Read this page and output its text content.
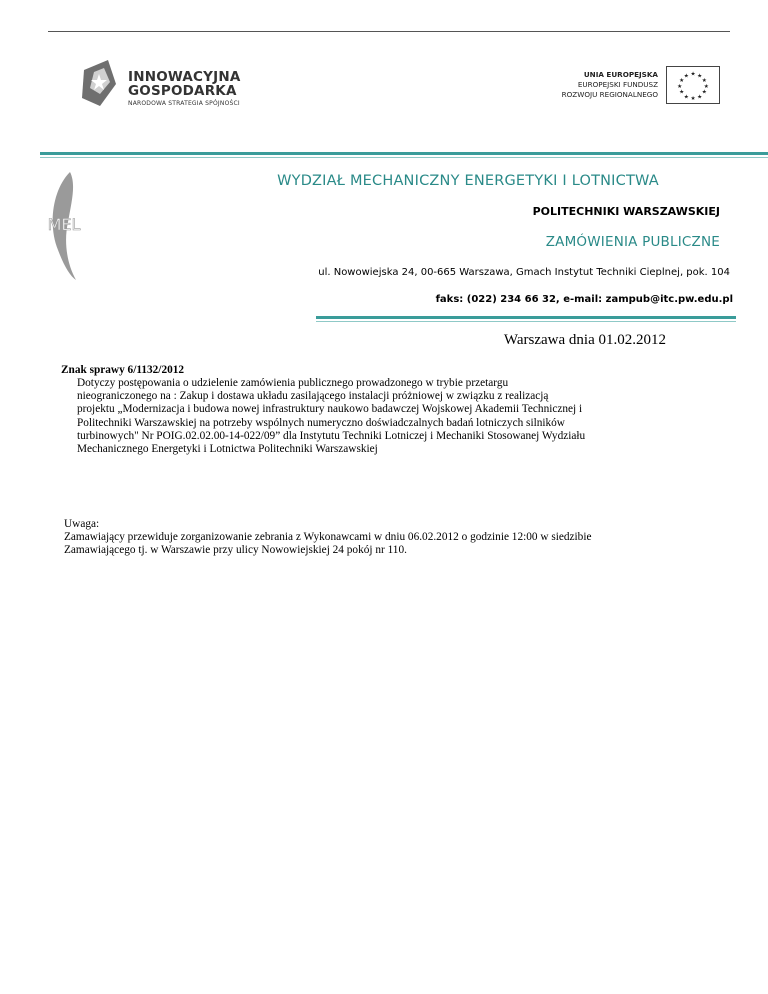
INNOWACYJNA
GOSPODARKA
NARODOWA STRATEGIA SPÓJNOŚCI
UNIA EUROPEJSKA
EUROPEJSKI FUNDUSZ
ROZWOJU REGIONALNEGO
★ ★
★
★
★
★
★
★
★
★
★
★
MEL
WYDZIAŁ MECHANICZNY ENERGETYKI I LOTNICTWA
POLITECHNIKI WARSZAWSKIEJ
ZAMÓWIENIA PUBLICZNE
ul. Nowowiejska 24, 00-665 Warszawa, Gmach Instytut Techniki Cieplnej, pok. 104
faks: (022) 234 66 32, e-mail: zampub@itc.pw.edu.pl
Warszawa dnia 01.02.2012
Znak sprawy 6/1132/2012
Dotyczy postępowania o udzielenie zamówienia publicznego prowadzonego w trybie przetargu
nieograniczonego na : Zakup i dostawa układu zasilającego instalacji próżniowej w związku z realizacją
projektu „Modernizacja i budowa nowej infrastruktury naukowo badawczej Wojskowej Akademii Technicznej i
Politechniki Warszawskiej na potrzeby wspólnych numeryczno doświadczalnych badań lotniczych silników
turbinowych" Nr POIG.02.02.00-14-022/09” dla Instytutu Techniki Lotniczej i Mechaniki Stosowanej Wydziału
Mechanicznego Energetyki i Lotnictwa Politechniki Warszawskiej
Uwaga:
Zamawiający przewiduje zorganizowanie zebrania z Wykonawcami w dniu 06.02.2012 o godzinie 12:00 w siedzibie
Zamawiającego tj. w Warszawie przy ulicy Nowowiejskiej 24 pokój nr 110.
